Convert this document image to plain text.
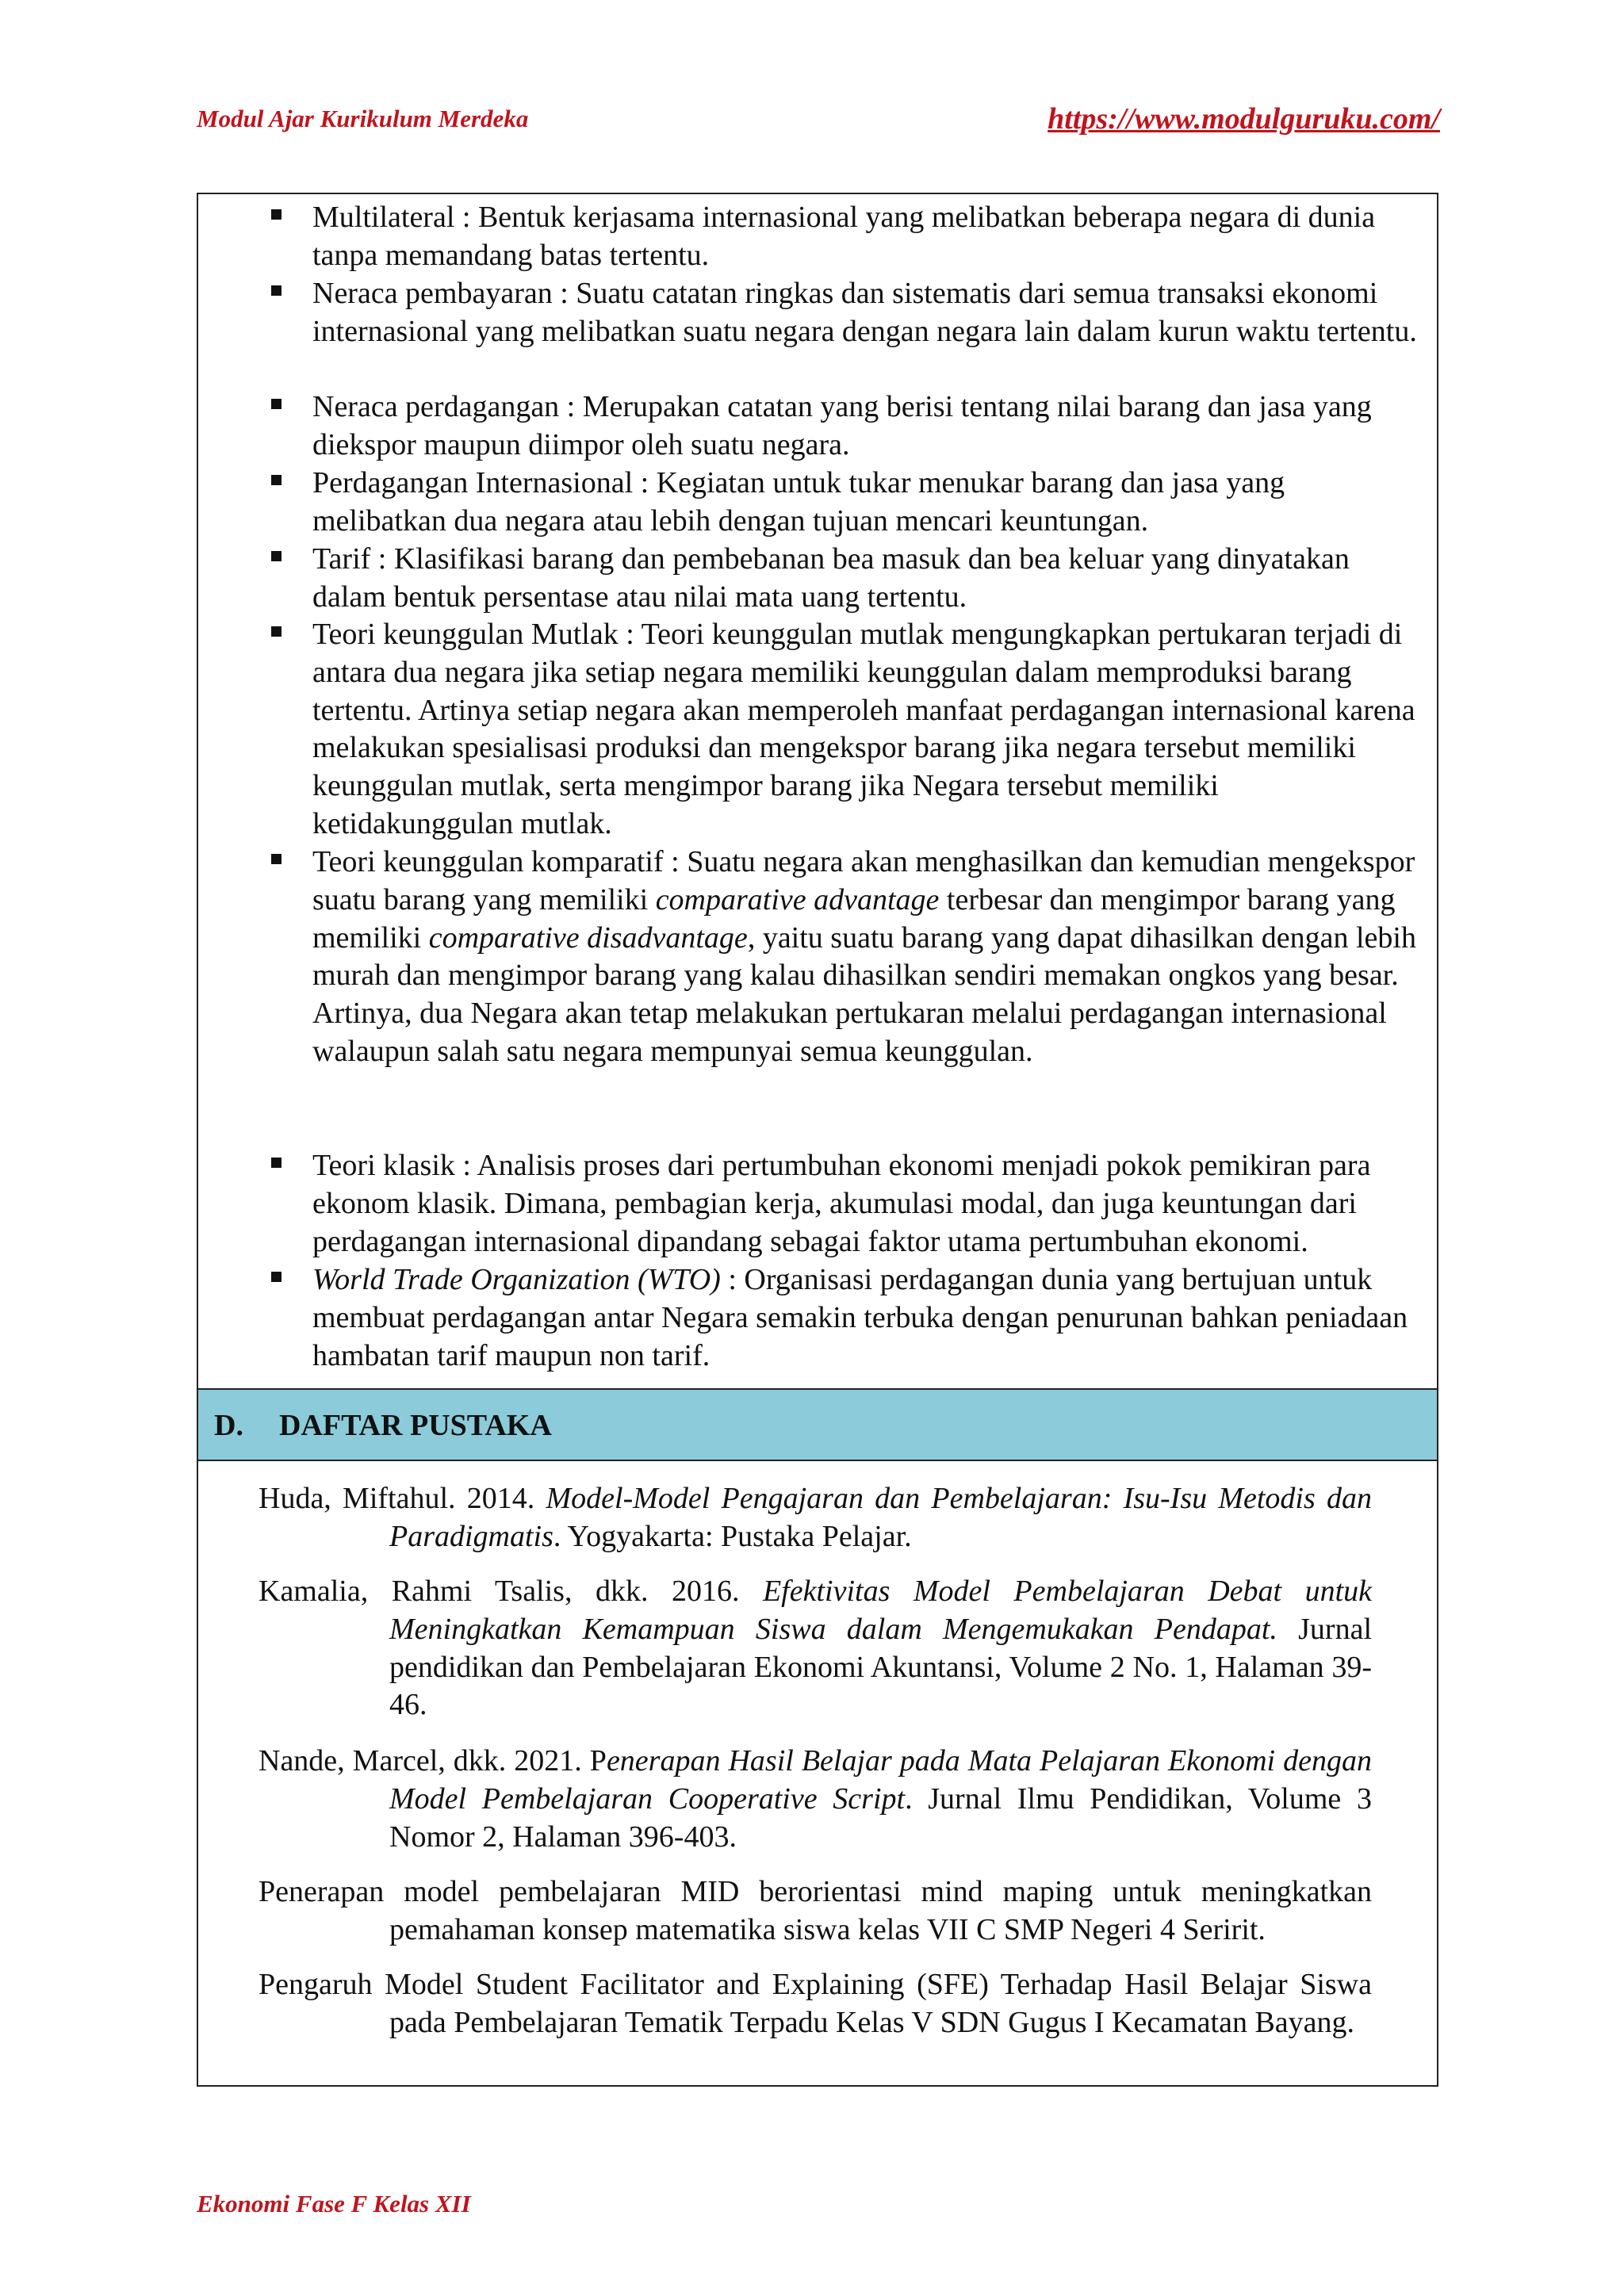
Modul Ajar Kurikulum Merdeka	https://www.modulguruku.com/
Multilateral : Bentuk kerjasama internasional yang melibatkan beberapa negara di dunia tanpa memandang batas tertentu.
Neraca pembayaran : Suatu catatan ringkas dan sistematis dari semua transaksi ekonomi internasional yang melibatkan suatu negara dengan negara lain dalam kurun waktu tertentu.
Neraca perdagangan : Merupakan catatan yang berisi tentang nilai barang dan jasa yang diekspor maupun diimpor oleh suatu negara.
Perdagangan Internasional : Kegiatan untuk tukar menukar barang dan jasa yang melibatkan dua negara atau lebih dengan tujuan mencari keuntungan.
Tarif : Klasifikasi barang dan pembebanan bea masuk dan bea keluar yang dinyatakan dalam bentuk persentase atau nilai mata uang tertentu.
Teori keunggulan Mutlak : Teori keunggulan mutlak mengungkapkan pertukaran terjadi di antara dua negara jika setiap negara memiliki keunggulan dalam memproduksi barang tertentu. Artinya setiap negara akan memperoleh manfaat perdagangan internasional karena melakukan spesialisasi produksi dan mengekspor barang jika negara tersebut memiliki keunggulan mutlak, serta mengimpor barang jika Negara tersebut memiliki ketidakunggulan mutlak.
Teori keunggulan komparatif : Suatu negara akan menghasilkan dan kemudian mengekspor suatu barang yang memiliki comparative advantage terbesar dan mengimpor barang yang memiliki comparative disadvantage, yaitu suatu barang yang dapat dihasilkan dengan lebih murah dan mengimpor barang yang kalau dihasilkan sendiri memakan ongkos yang besar. Artinya, dua Negara akan tetap melakukan pertukaran melalui perdagangan internasional walaupun salah satu negara mempunyai semua keunggulan.
Teori klasik : Analisis proses dari pertumbuhan ekonomi menjadi pokok pemikiran para ekonom klasik. Dimana, pembagian kerja, akumulasi modal, dan juga keuntungan dari perdagangan internasional dipandang sebagai faktor utama pertumbuhan ekonomi.
World Trade Organization (WTO) : Organisasi perdagangan dunia yang bertujuan untuk membuat perdagangan antar Negara semakin terbuka dengan penurunan bahkan peniadaan hambatan tarif maupun non tarif.
D. DAFTAR PUSTAKA
Huda, Miftahul. 2014. Model-Model Pengajaran dan Pembelajaran: Isu-Isu Metodis dan Paradigmatis. Yogyakarta: Pustaka Pelajar.
Kamalia, Rahmi Tsalis, dkk. 2016. Efektivitas Model Pembelajaran Debat untuk Meningkatkan Kemampuan Siswa dalam Mengemukakan Pendapat. Jurnal pendidikan dan Pembelajaran Ekonomi Akuntansi, Volume 2 No. 1, Halaman 39-46.
Nande, Marcel, dkk. 2021. Penerapan Hasil Belajar pada Mata Pelajaran Ekonomi dengan Model Pembelajaran Cooperative Script. Jurnal Ilmu Pendidikan, Volume 3 Nomor 2, Halaman 396-403.
Penerapan model pembelajaran MID berorientasi mind maping untuk meningkatkan pemahaman konsep matematika siswa kelas VII C SMP Negeri 4 Seririt.
Pengaruh Model Student Facilitator and Explaining (SFE) Terhadap Hasil Belajar Siswa pada Pembelajaran Tematik Terpadu Kelas V SDN Gugus I Kecamatan Bayang.
Ekonomi Fase F Kelas XII
